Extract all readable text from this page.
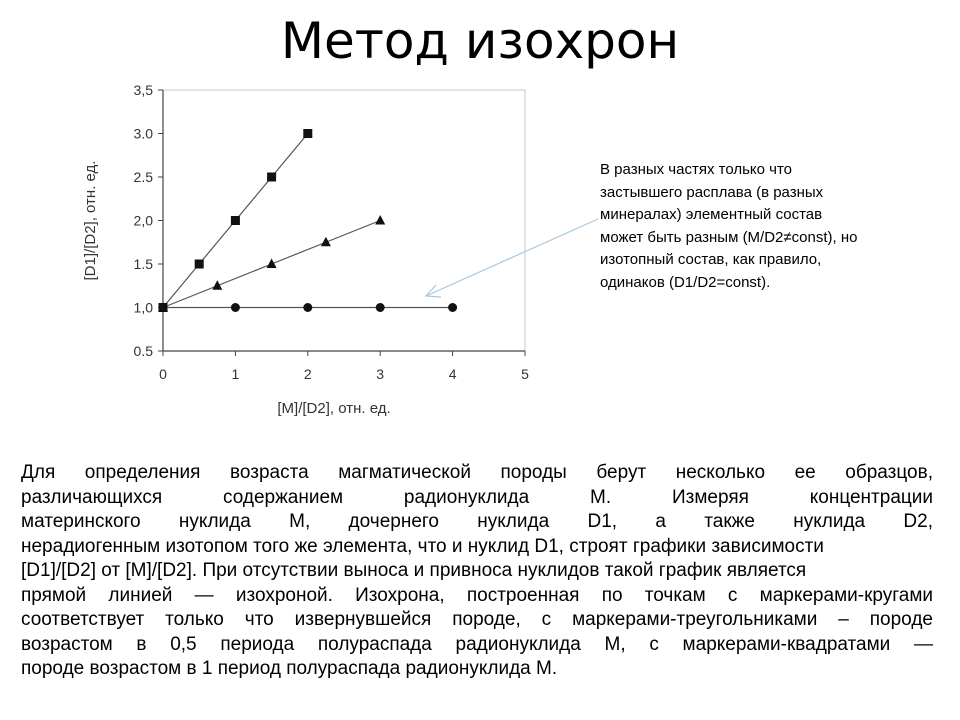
Метод изохрон
0.5
1,0
1.5
2,0
2.5
3.0
3,5
0	1	2	3	4	5
[M]/[D2], отн. ед.
[D1]/[D2], отн. ед.	В разных частях только что
застывшего расплава (в разных
минералах) элементный состав
может быть разным (M/D2≠const), но
изотопный состав, как правило,
одинаков (D1/D2=const).
Для определения возраста магматической породы берут несколько ее образцов,
различающихся содержанием радионуклида М. Измеряя концентрации
материнского нуклида М, дочернего нуклида D1, а также нуклида D2,
нерадиогенным изотопом того же элемента, что и нуклид D1, строят графики зависимости
[D1]/[D2] от [М]/[D2]. При отсутствии выноса и привноса нуклидов такой график является
прямой линией — изохроной. Изохрона, построенная по точкам с маркерами-кругами
соответствует только что извернувшейся породе, с маркерами-треугольниками – породе
возрастом в 0,5 периода полураспада радионуклида М, с маркерами-квадратами —
породе возрастом в 1 период полураспада радионуклида М.
